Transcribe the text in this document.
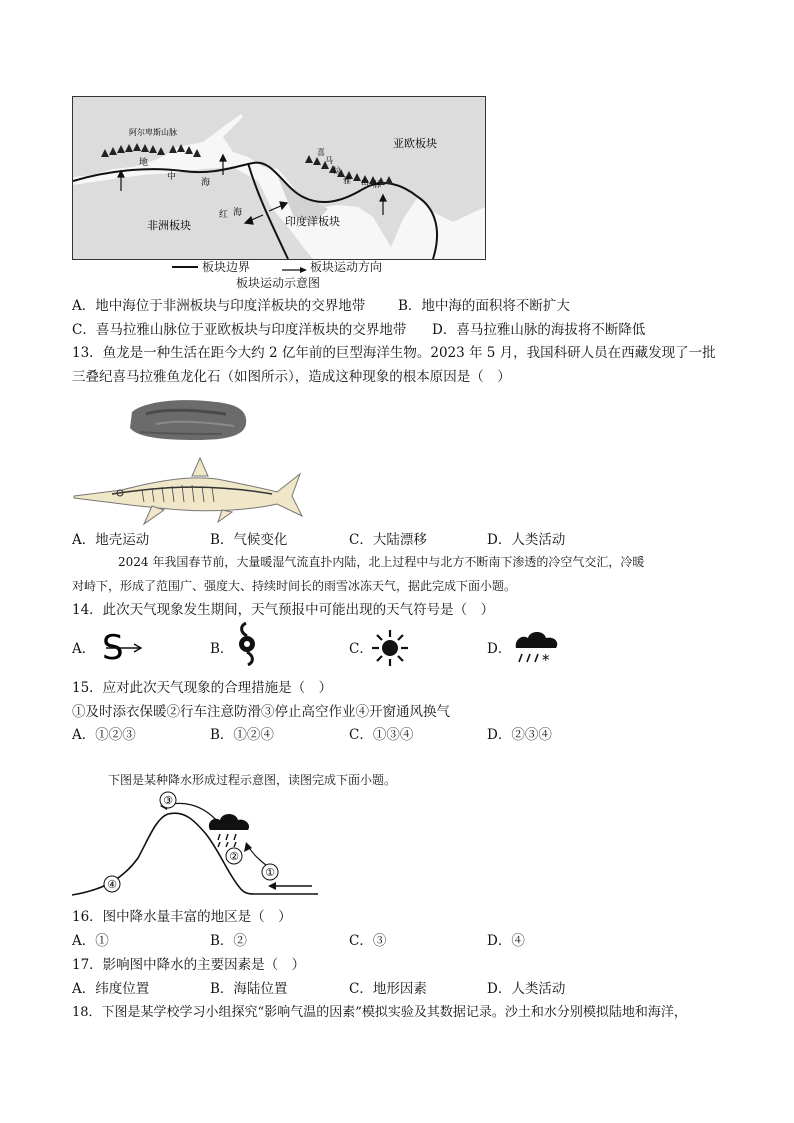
阿尔卑斯山脉
亚欧板块
非洲板块	印度洋板块
地
中
海
红 海
喜
马
拉
雅 山 脉
板块边界	板块运动方向
板块运动示意图
A．地中海位于非洲板块与印度洋板块的交界地带 B．地中海的面积将不断扩大
C．喜马拉雅山脉位于亚欧板块与印度洋板块的交界地带 D．喜马拉雅山脉的海拔将不断降低
13．鱼龙是一种生活在距今大约 2 亿年前的巨型海洋生物。2023 年 5 月，我国科研人员在西藏发现了一批
三叠纪喜马拉雅鱼龙化石（如图所示），造成这种现象的根本原因是（　）
A．地壳运动	B．气候变化	C．大陆漂移	D．人类活动
2024 年我国春节前，大量暖湿气流直扑内陆，北上过程中与北方不断南下渗透的冷空气交汇，冷暖
对峙下，形成了范围广、强度大、持续时间长的雨雪冰冻天气，据此完成下面小题。
14．此次天气现象发生期间，天气预报中可能出现的天气符号是（　）
A． S	B．	C．	D．
*
15．应对此次天气现象的合理措施是（　）
①及时添衣保暖②行车注意防滑③停止高空作业④开窗通风换气
A．①②③	B．①②④	C．①③④	D．②③④
下图是某种降水形成过程示意图，读图完成下面小题。
③
②
①
④
16．图中降水量丰富的地区是（　）
A．①	B．②	C．③	D．④
17．影响图中降水的主要因素是（　）
A．纬度位置	B．海陆位置	C．地形因素	D．人类活动
18．下图是某学校学习小组探究“影响气温的因素”模拟实验及其数据记录。沙土和水分别模拟陆地和海洋，
